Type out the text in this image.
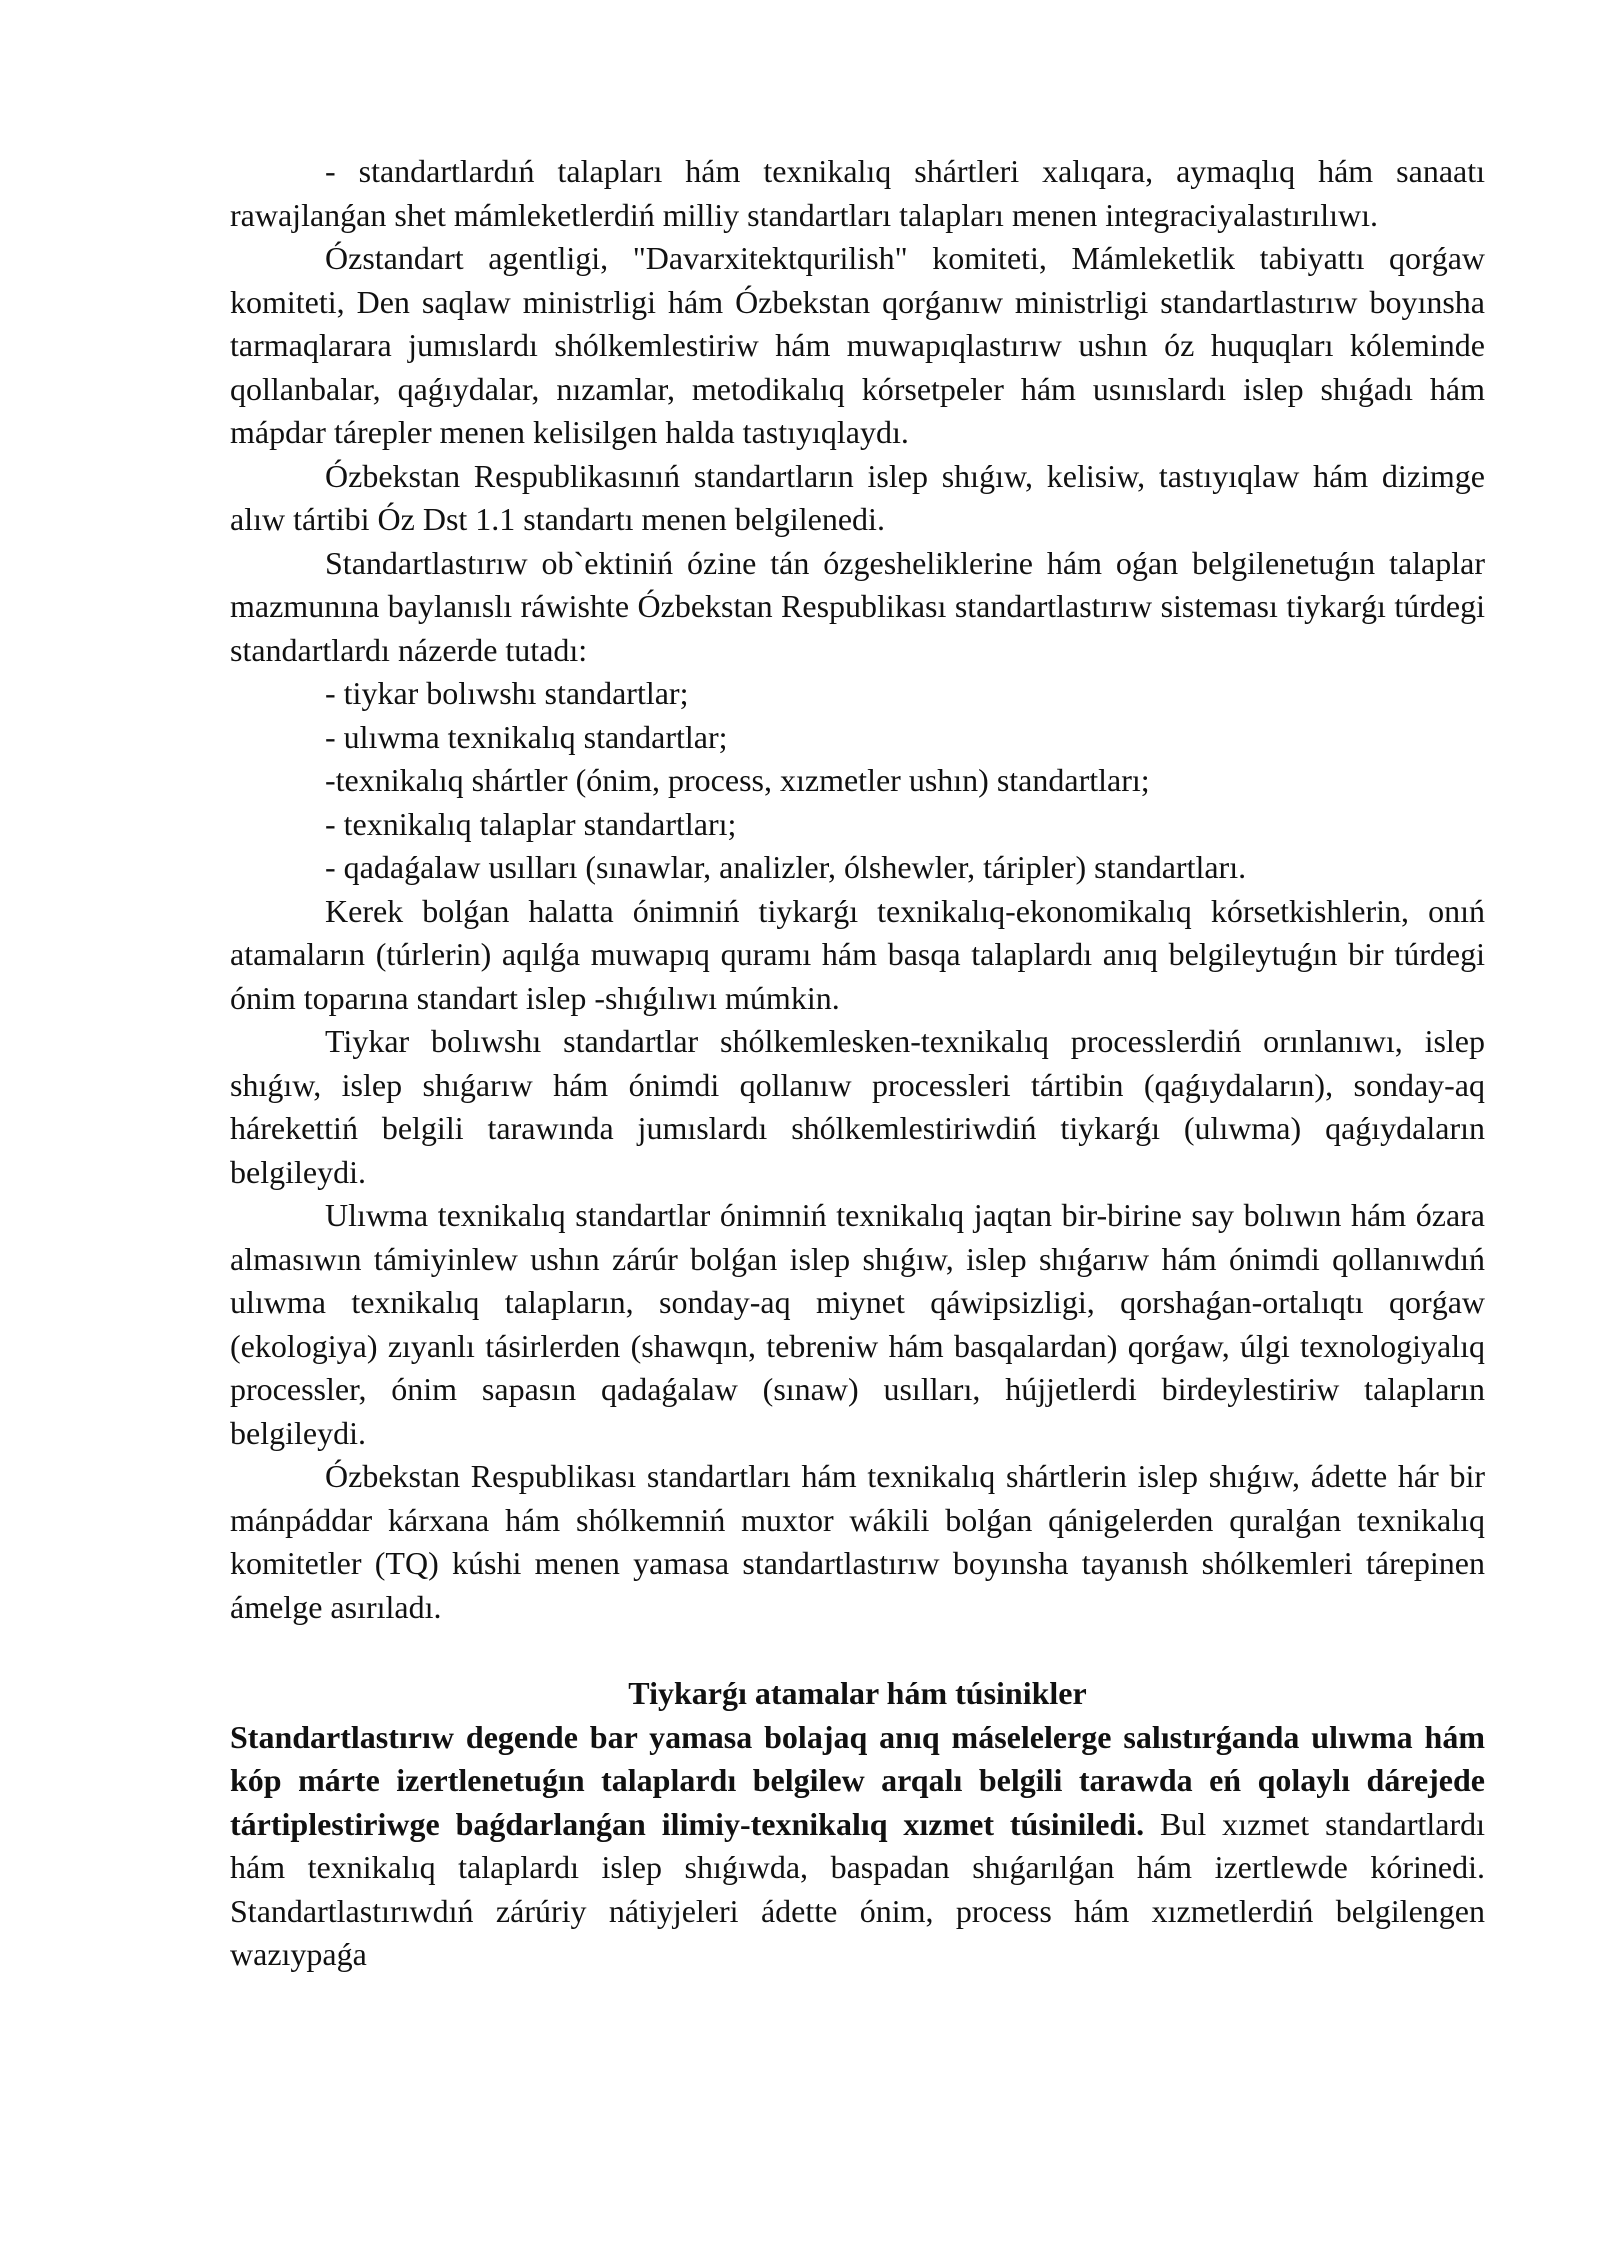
- standartlardıń talapları hám texnikalıq shártleri xalıqara, aymaqlıq hám sanaatı rawajlanǵan shet mámleketlerdiń milliy standartları talapları menen integraciyalastırılıwı.

Ózstandart agentligi, "Davarxitektqurilish" komiteti, Mámleketlik tabiyattı qorǵaw komiteti, Den saqlaw ministrligi hám Ózbekstan qorǵanıw ministrligi standartlastırıw boyınsha tarmaqlarara jumıslardı shólkemlestiriw hám muwapıqlastırıw ushın óz huquqları kóleminde qollanbalar, qaǵıydalar, nızamlar, metodikalıq kórsetpeler hám usınıslardı islep shıǵadı hám mápdar tárepler menen kelisilgen halda tastıyıqlaydı.

Ózbekstan Respublikasınıń standartların islep shıǵıw, kelisiw, tastıyıqlaw hám dizimge alıw tártibi Óz Dst 1.1 standartı menen belgilenedi.

Standartlastırıw ob`ektiniń ózine tán ózgesheliklerine hám oǵan belgilenetuǵın talaplar mazmunına baylanıslı ráwishte Ózbekstan Respublikası standartlastırıw sisteması tiykarǵı túrdegi standartlardı názerde tutadı:

- tiykar bolıwshı standartlar;

- ulıwma texnikalıq standartlar;

-texnikalıq shártler (ónim, process, xızmetler ushın) standartları;

- texnikalıq talaplar standartları;

- qadaǵalaw usılları (sınawlar, analizler, ólshewler, táripler) standartları.

Kerek bolǵan halatta ónimniń tiykarǵı texnikalıq-ekonomikalıq kórsetkishlerin, onıń atamaların (túrlerin) aqılǵa muwapıq quramı hám basqa talaplardı anıq belgileytuǵın bir túrdegi ónim toparına standart islep -shıǵılıwı múmkin.

Tiykar bolıwshı standartlar shólkemlesken-texnikalıq processlerdiń orınlanıwı, islep shıǵıw, islep shıǵarıw hám ónimdi qollanıw processleri tártibin (qaǵıydaların), sonday-aq hárekettiń belgili tarawında jumıslardı shólkemlestiriwdiń tiykarǵı (ulıwma) qaǵıydaların belgileydi.

Ulıwma texnikalıq standartlar ónimniń texnikalıq jaqtan bir-birine say bolıwın hám ózara almasıwın támiyinlew ushın zárúr bolǵan islep shıǵıw, islep shıǵarıw hám ónimdi qollanıwdıń ulıwma texnikalıq talapların, sonday-aq miynet qáwipsizligi, qorshaǵan-ortalıqtı qorǵaw (ekologiya) zıyanlı tásirlerden (shawqın, tebreniw hám basqalardan) qorǵaw, úlgi texnologiyalıq processler, ónim sapasın qadaǵalaw (sınaw) usılları, hújjetlerdi birdeylestiriw talapların belgileydi.

Ózbekstan Respublikası standartları hám texnikalıq shártlerin islep shıǵıw, ádette hár bir mánpáddar kárxana hám shólkemniń muxtor wákili bolǵan qánigelerden quralǵan texnikalıq komitetler (TQ) kúshi menen yamasa standartlastırıw boyınsha tayanısh shólkemleri tárepinen ámelge asırıladı.

Tiykarǵı atamalar hám túsinikler

Standartlastırıw degende bar yamasa bolajaq anıq máselelerge salıstırǵanda ulıwma hám kóp márte izertlenetuǵın talaplardı belgilew arqalı belgili tarawda eń qolaylı dárejede tártiplestiriwge baǵdarlanǵan ilimiy-texnikalıq xızmet túsiniledi. Bul xızmet standartlardı hám texnikalıq talaplardı islep shıǵıwda, baspadan shıǵarılǵan hám izertlewde kórinedi. Standartlastırıwdıń zárúriy nátiyjeleri ádette ónim, process hám xızmetlerdiń belgilengen wazıypaǵa
